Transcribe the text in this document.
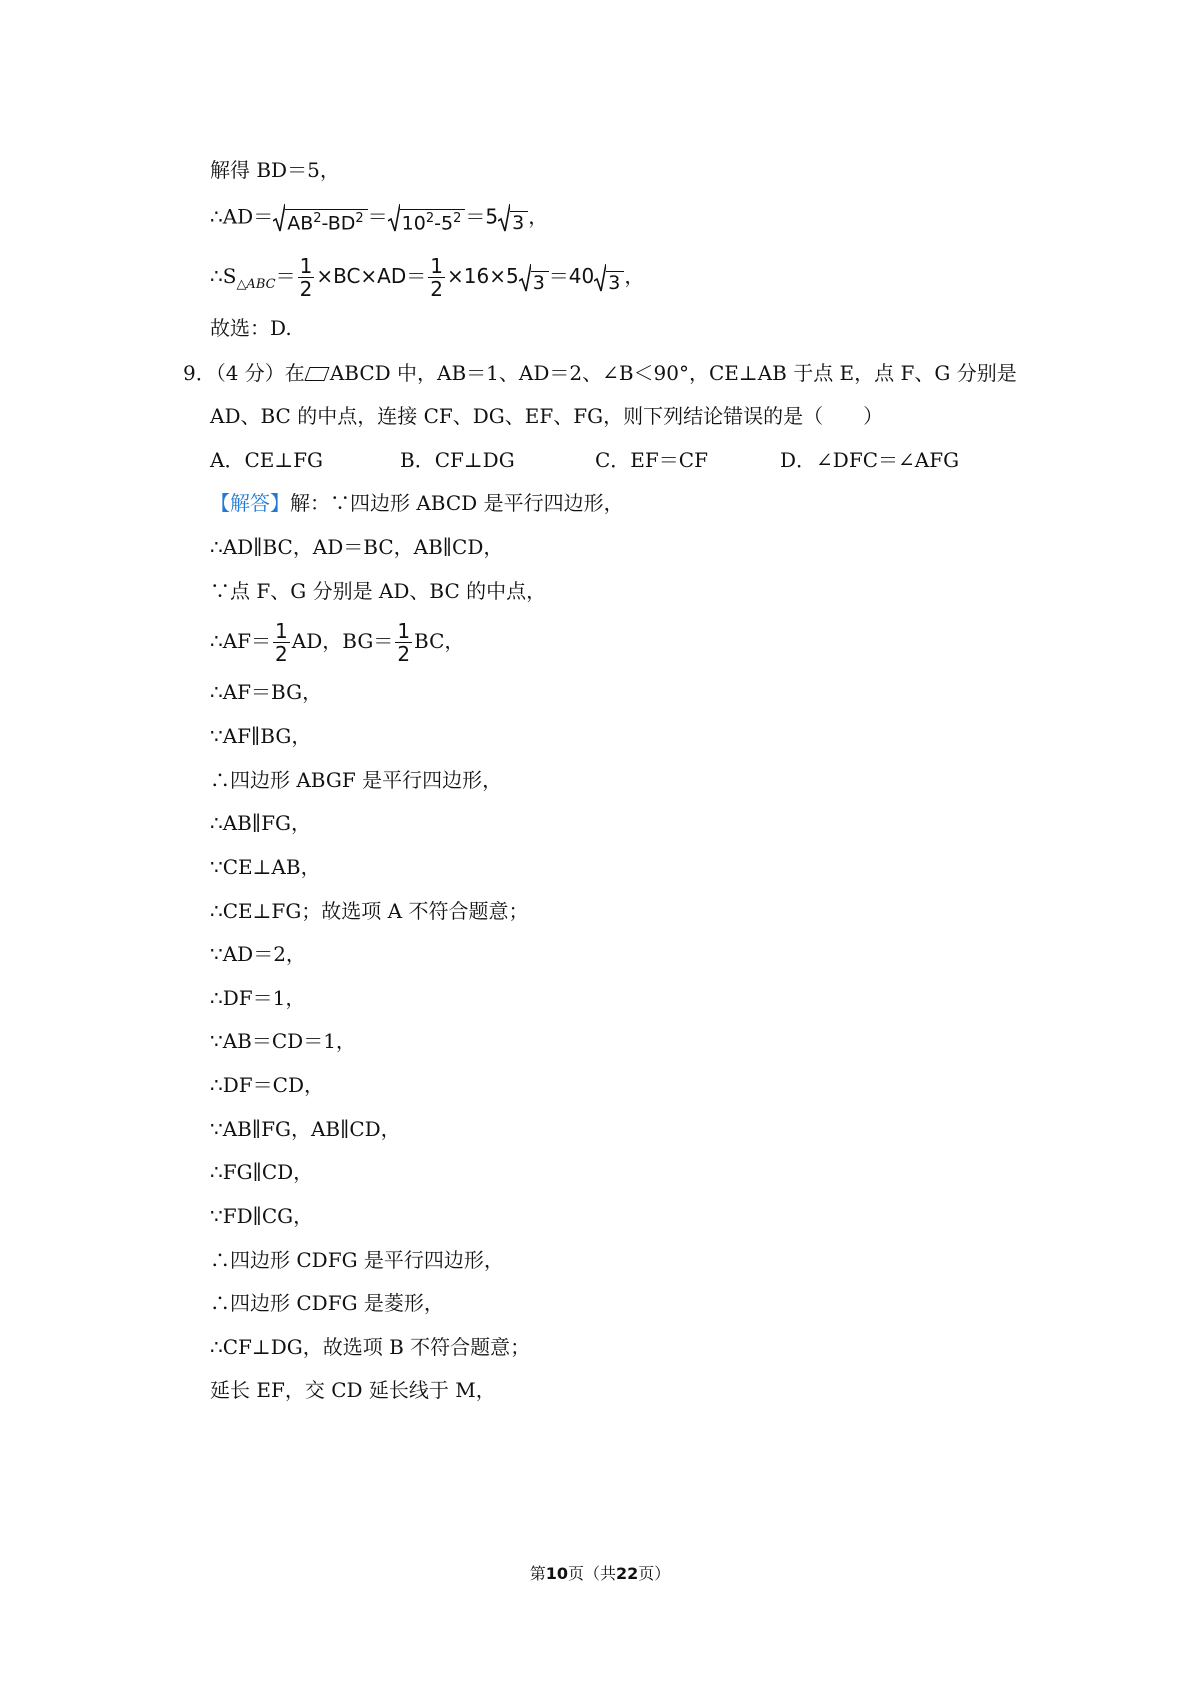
解得 BD＝5，
∴AD＝ $AB^2-BD^2 = 10^2-5^2 =5$ 3 ，
$\therefore S_{\triangle ABC}= \frac{1}{2} \times BC\times AD= \frac{1}{2} \times 16\times 5$ 3 ＝40 3 ，
故选：D.
9．（4 分）在 ABCD 中，AB＝1、AD＝2、∠B＜90°，CE⊥AB 于点 E，点 F、G 分别是
AD、BC 的中点，连接 CF、DG、EF、FG，则下列结论错误的是（　　）
A．CE⊥FG	B．CF⊥DG	C．EF＝CF	D．∠DFC＝∠AFG
【解答】解：∵四边形 ABCD 是平行四边形，
∴AD∥BC，AD＝BC，AB∥CD，
∵点 F、G 分别是 AD、BC 的中点，
∴AF＝ $\frac{1}{2}$ AD，$BG= \frac{1}{2}$ BC，
∴AF＝BG，
∵AF∥BG，
∴四边形 ABGF 是平行四边形，
∴AB∥FG，
∵CE⊥AB，
∴CE⊥FG；故选项 A 不符合题意；
∵AD＝2，
∴DF＝1，
∵AB＝CD＝1，
∴DF＝CD，
∵AB∥FG，AB∥CD，
∴FG∥CD，
∵FD∥CG，
∴四边形 CDFG 是平行四边形，
∴四边形 CDFG 是菱形，
∴CF⊥DG，故选项 B 不符合题意；
延长 EF，交 CD 延长线于 M，
第10页（共22页）
